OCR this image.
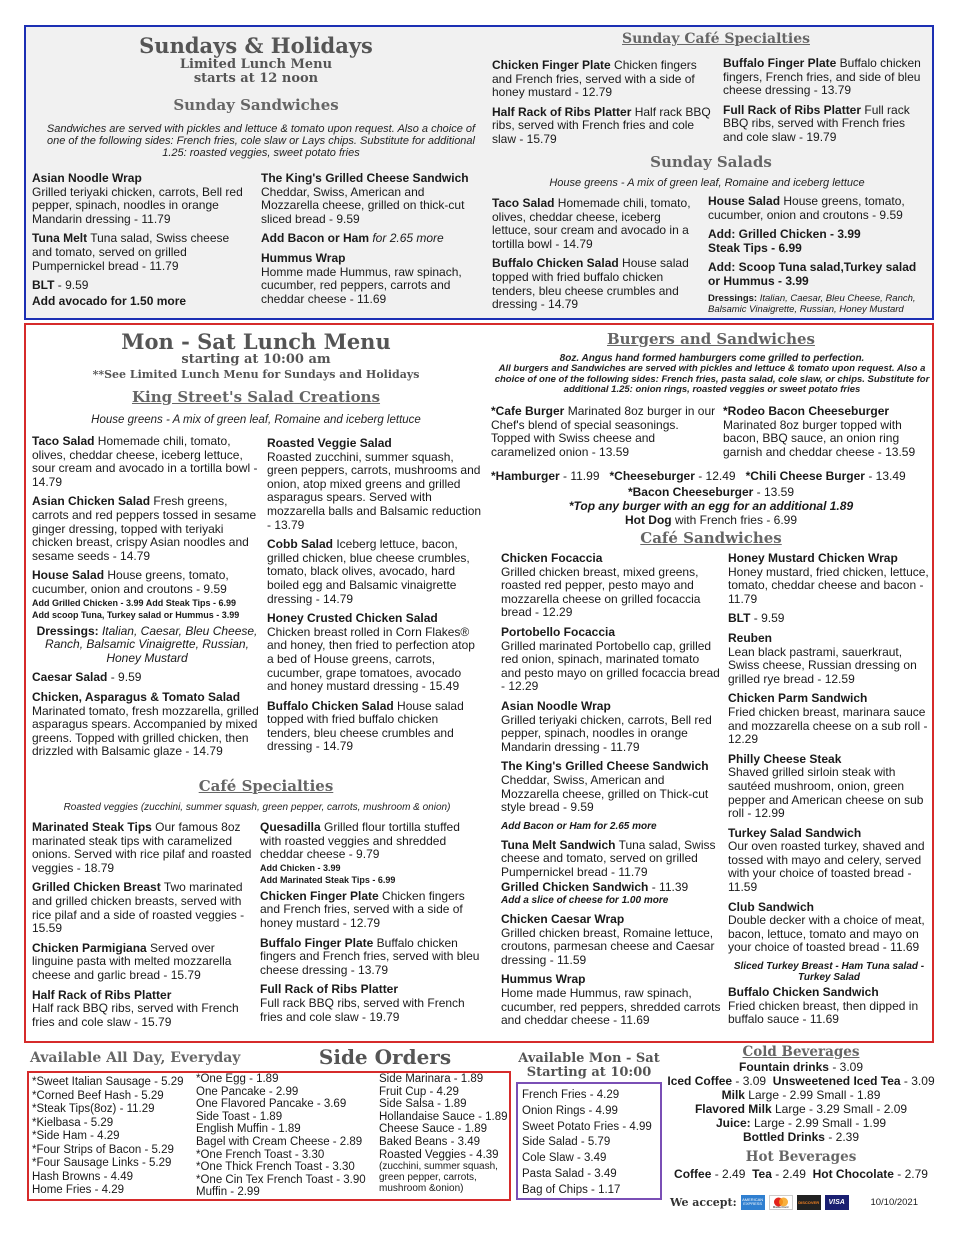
Sundays & Holidays
Limited Lunch Menu
starts at 12 noon
Sunday Sandwiches
Sandwiches are served with pickles and lettuce & tomato upon request. Also a choice of one of the following sides: French fries, cole slaw or Lays chips. Substitute for additional 1.25: roasted veggies, sweet potato fries
Asian Noodle Wrap
Grilled teriyaki chicken, carrots, Bell red pepper, spinach, noodles in orange Mandarin dressing - 11.79
Tuna Melt Tuna salad, Swiss cheese and tomato, served on grilled Pumpernickel bread - 11.79
BLT - 9.59
Add avocado for 1.50 more
The King's Grilled Cheese Sandwich
Cheddar, Swiss, American and Mozzarella cheese, grilled on thick-cut sliced bread - 9.59
Add Bacon or Ham for 2.65 more
Hummus Wrap
Homme made Hummus, raw spinach, cucumber, red peppers, carrots and cheddar cheese - 11.69
Sunday Café Specialties
Chicken Finger Plate Chicken fingers and French fries, served with a side of honey mustard - 12.79
Half Rack of Ribs Platter Half rack BBQ ribs, served with French fries and cole slaw - 15.79
Buffalo Finger Plate Buffalo chicken fingers, French fries, and side of bleu cheese dressing - 13.79
Full Rack of Ribs Platter Full rack BBQ ribs, served with French fries and cole slaw - 19.79
Sunday Salads
House greens - A mix of green leaf, Romaine and iceberg lettuce
Taco Salad Homemade chili, tomato, olives, cheddar cheese, iceberg lettuce, sour cream and avocado in a tortilla bowl - 14.79
Buffalo Chicken Salad House salad topped with fried buffalo chicken tenders, bleu cheese crumbles and dressing - 14.79
House Salad House greens, tomato, cucumber, onion and croutons - 9.59
Add: Grilled Chicken - 3.99
Steak Tips - 6.99
Add: Scoop Tuna salad,Turkey salad or Hummus - 3.99
Dressings: Italian, Caesar, Bleu Cheese, Ranch, Balsamic Vinaigrette, Russian, Honey Mustard
Mon - Sat Lunch Menu
starting at 10:00 am
**See Limited Lunch Menu for Sundays and Holidays
King Street's Salad Creations
House greens - A mix of green leaf, Romaine and iceberg lettuce
Taco Salad Homemade chili, tomato, olives, cheddar cheese, iceberg lettuce, sour cream and avocado in a tortilla bowl - 14.79
Asian Chicken Salad Fresh greens, carrots and red peppers tossed in sesame ginger dressing, topped with teriyaki chicken breast, crispy Asian noodles and sesame seeds - 14.79
House Salad House greens, tomato, cucumber, onion and croutons - 9.59
Add Grilled Chicken - 3.99 Add Steak Tips - 6.99
Add scoop Tuna, Turkey salad or Hummus - 3.99
Dressings: Italian, Caesar, Bleu Cheese, Ranch, Balsamic Vinaigrette, Russian, Honey Mustard
Caesar Salad - 9.59
Chicken, Asparagus & Tomato Salad
Marinated tomato, fresh mozzarella, grilled asparagus spears. Accompanied by mixed greens. Topped with grilled chicken, then drizzled with Balsamic glaze - 14.79
Roasted Veggie Salad
Roasted zucchini, summer squash, green peppers, carrots, mushrooms and onion, atop mixed greens and grilled asparagus spears. Served with mozzarella balls and Balsamic reduction - 13.79
Cobb Salad Iceberg lettuce, bacon, grilled chicken, blue cheese crumbles, tomato, black olives, avocado, hard boiled egg and Balsamic vinaigrette dressing - 14.79
Honey Crusted Chicken Salad
Chicken breast rolled in Corn Flakes® and honey, then fried to perfection atop a bed of House greens, carrots, cucumber, grape tomatoes, avocado and honey mustard dressing - 15.49
Buffalo Chicken Salad House salad topped with fried buffalo chicken tenders, bleu cheese crumbles and dressing - 14.79
Café Specialties
Roasted veggies (zucchini, summer squash, green pepper, carrots, mushroom & onion)
Marinated Steak Tips Our famous 8oz marinated steak tips with caramelized onions. Served with rice pilaf and roasted veggies - 18.79
Grilled Chicken Breast Two marinated and grilled chicken breasts, served with rice pilaf and a side of roasted veggies - 15.59
Chicken Parmigiana Served over linguine pasta with melted mozzarella cheese and garlic bread - 15.79
Half Rack of Ribs Platter
Half rack BBQ ribs, served with French fries and cole slaw - 15.79
Quesadilla Grilled flour tortilla stuffed with roasted veggies and shredded cheddar cheese - 9.79
Add Chicken - 3.99
Add Marinated Steak Tips - 6.99
Chicken Finger Plate Chicken fingers and French fries, served with a side of honey mustard - 12.79
Buffalo Finger Plate Buffalo chicken fingers and French fries, served with bleu cheese dressing - 13.79
Full Rack of Ribs Platter
Full rack BBQ ribs, served with French fries and cole slaw - 19.79
Burgers and Sandwiches
8oz. Angus hand formed hamburgers come grilled to perfection.
All burgers and Sandwiches are served with pickles and lettuce & tomato upon request. Also a choice of one of the following sides: French fries, pasta salad, cole slaw, or chips. Substitute for additional 1.25: onion rings, roasted veggies or sweet potato fries
*Cafe Burger Marinated 8oz burger in our Chef's blend of special seasonings. Topped with Swiss cheese and caramelized onion - 13.59
*Rodeo Bacon Cheeseburger
Marinated 8oz burger topped with bacon, BBQ sauce, an onion ring garnish and cheddar cheese - 13.59
*Hamburger - 11.99 *Cheeseburger - 12.49 *Chili Cheese Burger - 13.49
*Bacon Cheeseburger - 13.59
*Top any burger with an egg for an additional 1.89
Hot Dog with French fries - 6.99
Café Sandwiches
Chicken Focaccia
Grilled chicken breast, mixed greens, roasted red pepper, pesto mayo and mozzarella cheese on grilled focaccia bread - 12.29
Portobello Focaccia
Grilled marinated Portobello cap, grilled red onion, spinach, marinated tomato and pesto mayo on grilled focaccia bread - 12.29
Asian Noodle Wrap
Grilled teriyaki chicken, carrots, Bell red pepper, spinach, noodles in orange Mandarin dressing - 11.79
The King's Grilled Cheese Sandwich
Cheddar, Swiss, American and Mozzarella cheese, grilled on Thick-cut style bread - 9.59
Add Bacon or Ham for 2.65 more
Tuna Melt Sandwich Tuna salad, Swiss cheese and tomato, served on grilled Pumpernickel bread - 11.79
Grilled Chicken Sandwich - 11.39
Add a slice of cheese for 1.00 more
Chicken Caesar Wrap
Grilled chicken breast, Romaine lettuce, croutons, parmesan cheese and Caesar dressing - 11.59
Hummus Wrap
Home made Hummus, raw spinach, cucumber, red peppers, shredded carrots and cheddar cheese - 11.69
Honey Mustard Chicken Wrap
Honey mustard, fried chicken, lettuce, tomato, cheddar cheese and bacon - 11.79
BLT - 9.59
Reuben
Lean black pastrami, sauerkraut, Swiss cheese, Russian dressing on grilled rye bread - 12.59
Chicken Parm Sandwich
Fried chicken breast, marinara sauce and mozzarella cheese on a sub roll - 12.29
Philly Cheese Steak
Shaved grilled sirloin steak with sautéed mushroom, onion, green pepper and American cheese on sub roll - 12.99
Turkey Salad Sandwich
Our oven roasted turkey, shaved and tossed with mayo and celery, served with your choice of toasted bread - 11.59
Club Sandwich
Double decker with a choice of meat, bacon, lettuce, tomato and mayo on your choice of toasted bread - 11.69
Sliced Turkey Breast - Ham Tuna salad - Turkey Salad
Buffalo Chicken Sandwich
Fried chicken breast, then dipped in buffalo sauce - 11.69
Available All Day, Everyday	Side Orders
*Sweet Italian Sausage - 5.29
*Corned Beef Hash - 5.29
*Steak Tips(8oz) - 11.29
*Kielbasa - 5.29
*Side Ham - 4.29
*Four Strips of Bacon - 5.29
*Four Sausage Links - 5.29
Hash Browns - 4.49
Home Fries - 4.29
*One Egg - 1.89
One Pancake - 2.99
One Flavored Pancake - 3.69
Side Toast - 1.89
English Muffin - 1.89
Bagel with Cream Cheese - 2.89
*One French Toast - 3.30
*One Thick French Toast - 3.30
*One Cin Tex French Toast - 3.90
Muffin - 2.99
Side Marinara - 1.89
Fruit Cup - 4.29
Side Salsa - 1.89
Hollandaise Sauce - 1.89
Cheese Sauce - 1.89
Baked Beans - 3.49
Roasted Veggies - 4.39
(zucchini, summer squash, green pepper, carrots, mushroom &onion)
Available Mon - Sat
Starting at 10:00
French Fries - 4.29
Onion Rings - 4.99
Sweet Potato Fries - 4.99
Side Salad - 5.79
Cole Slaw - 3.49
Pasta Salad - 3.49
Bag of Chips - 1.17
Cold Beverages
Fountain drinks - 3.09
Iced Coffee - 3.09 Unsweetened Iced Tea - 3.09
Milk Large - 2.99 Small - 1.89
Flavored Milk Large - 3.29 Small - 2.09
Juice: Large - 2.99 Small - 1.99
Bottled Drinks - 2.39
Hot Beverages
Coffee - 2.49 Tea - 2.49 Hot Chocolate - 2.79
We accept:	AMERICAN EXPRESS
MasterCard
DISCOVER VISA	10/10/2021
